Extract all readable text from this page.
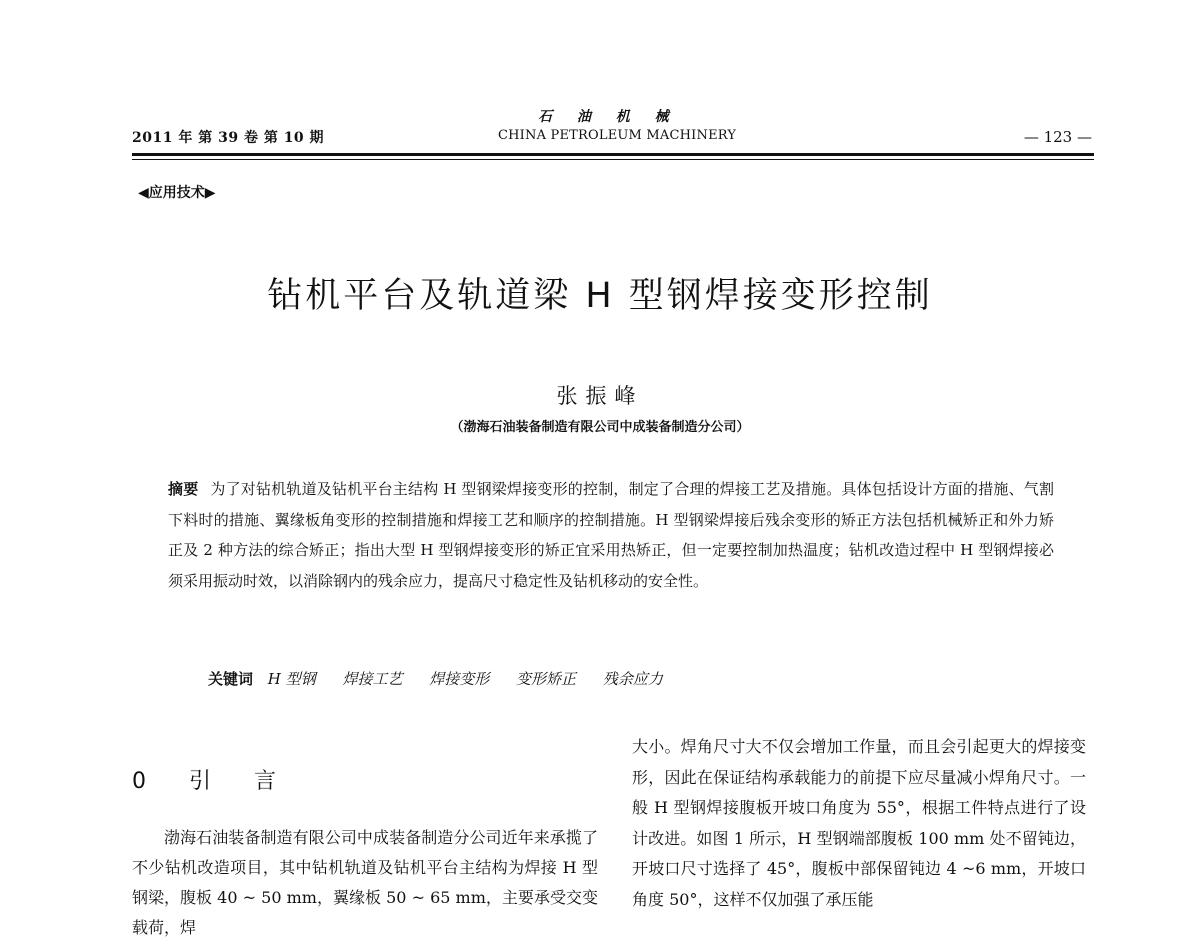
2011 年 第 39 卷 第 10 期
石 油 机 械
CHINA PETROLEUM MACHINERY	— 123 —
◀应用技术▶
钻机平台及轨道梁 H 型钢焊接变形控制
张振峰
（渤海石油装备制造有限公司中成装备制造分公司）
摘要 为了对钻机轨道及钻机平台主结构 H 型钢梁焊接变形的控制，制定了合理的焊接工艺及措施。具体包括设计方面的措施、气割下料时的措施、翼缘板角变形的控制措施和焊接工艺和顺序的控制措施。H 型钢梁焊接后残余变形的矫正方法包括机械矫正和外力矫正及 2 种方法的综合矫正；指出大型 H 型钢焊接变形的矫正宜采用热矫正，但一定要控制加热温度；钻机改造过程中 H 型钢焊接必须采用振动时效，以消除钢内的残余应力，提高尺寸稳定性及钻机移动的安全性。
关键词 H 型钢 焊接工艺 焊接变形 变形矫正 残余应力
0 引 言
渤海石油装备制造有限公司中成装备制造分公司近年来承揽了不少钻机改造项目，其中钻机轨道及钻机平台主结构为焊接 H 型钢梁，腹板 40 ~ 50 mm，翼缘板 50 ~ 65 mm，主要承受交变载荷，焊
大小。焊角尺寸大不仅会增加工作量，而且会引起更大的焊接变形，因此在保证结构承载能力的前提下应尽量减小焊角尺寸。一般 H 型钢焊接腹板开坡口角度为 55°，根据工件特点进行了设计改进。如图 1 所示，H 型钢端部腹板 100 mm 处不留钝边，开坡口尺寸选择了 45°，腹板中部保留钝边 4 ~6 mm，开坡口角度 50°，这样不仅加强了承压能
